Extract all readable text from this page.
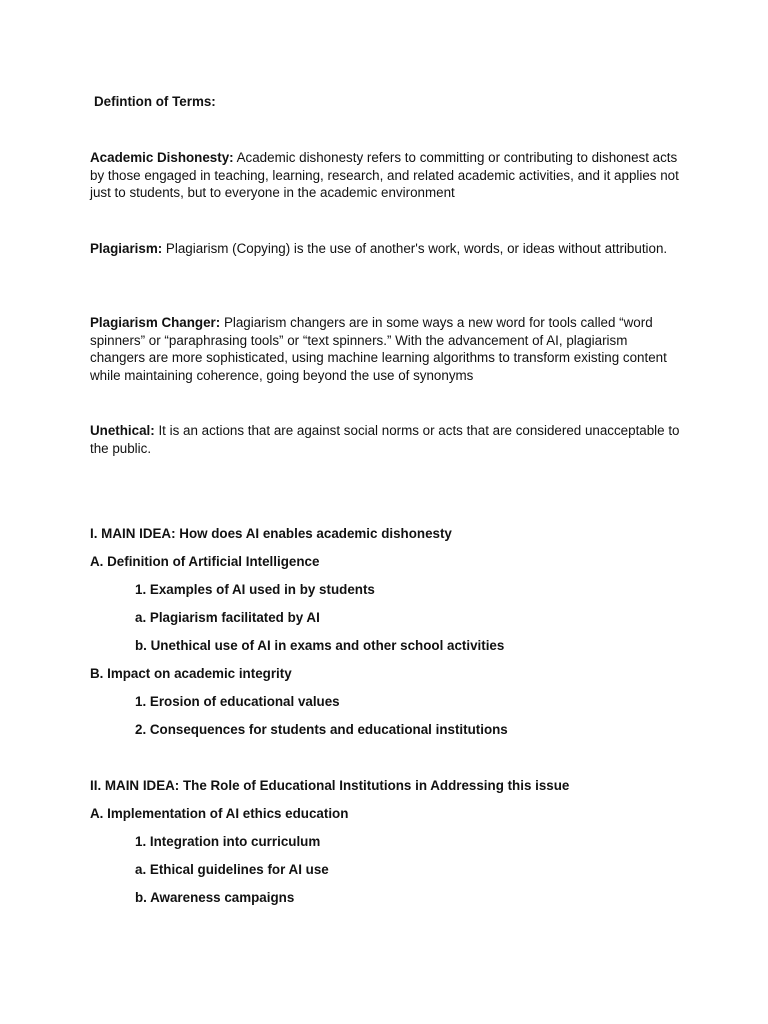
Defintion of Terms:

Academic Dishonesty: Academic dishonesty refers to committing or contributing to dishonest acts by those engaged in teaching, learning, research, and related academic activities, and it applies not just to students, but to everyone in the academic environment

Plagiarism: Plagiarism (Copying) is the use of another's work, words, or ideas without attribution.

Plagiarism Changer: Plagiarism changers are in some ways a new word for tools called “word spinners” or “paraphrasing tools” or “text spinners.” With the advancement of AI, plagiarism changers are more sophisticated, using machine learning algorithms to transform existing content while maintaining coherence, going beyond the use of synonyms

Unethical: It is an actions that are against social norms or acts that are considered unacceptable to the public.

I. MAIN IDEA: How does AI enables academic dishonesty
A. Definition of Artificial Intelligence
1. Examples of AI used in by students
a. Plagiarism facilitated by AI
b. Unethical use of AI in exams and other school activities
B. Impact on academic integrity
1. Erosion of educational values
2. Consequences for students and educational institutions
II. MAIN IDEA: The Role of Educational Institutions in Addressing this issue
A. Implementation of AI ethics education
1. Integration into curriculum
a. Ethical guidelines for AI use
b. Awareness campaigns
